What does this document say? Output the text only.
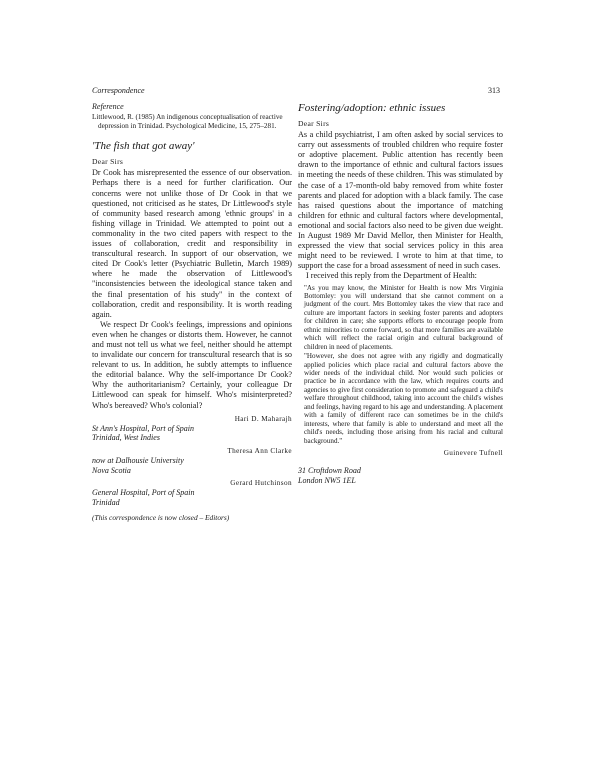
Correspondence	313
Reference
Littlewood, R. (1985) An indigenous conceptualisation of reactive depression in Trinidad. Psychological Medicine, 15, 275–281.
'The fish that got away'
Dear Sirs

Dr Cook has misrepresented the essence of our observation. Perhaps there is a need for further clarification. Our concerns were not unlike those of Dr Cook in that we questioned, not criticised as he states, Dr Littlewood's style of community based research among 'ethnic groups' in a fishing village in Trinidad. We attempted to point out a commonality in the two cited papers with respect to the issues of collaboration, credit and responsibility in transcultural research. In support of our observation, we cited Dr Cook's letter (Psychiatric Bulletin, March 1989) where he made the observation of Littlewood's "inconsistencies between the ideological stance taken and the final presentation of his study" in the context of collaboration, credit and responsibility. It is worth reading again.

We respect Dr Cook's feelings, impressions and opinions even when he changes or distorts them. However, he cannot and must not tell us what we feel, neither should he attempt to invalidate our concern for transcultural research that is so relevant to us. In addition, he subtly attempts to influence the editorial balance. Why the self-importance Dr Cook? Why the authoritarianism? Certainly, your colleague Dr Littlewood can speak for himself. Who's misinterpreted? Who's bereaved? Who's colonial?

Hari D. Maharajh
St Ann's Hospital, Port of Spain
Trinidad, West Indies
Theresa Ann Clarke
now at Dalhousie University
Nova Scotia
Gerard Hutchinson
General Hospital, Port of Spain
Trinidad
(This correspondence is now closed – Editors)
Fostering/adoption: ethnic issues
Dear Sirs

As a child psychiatrist, I am often asked by social services to carry out assessments of troubled children who require foster or adoptive placement. Public attention has recently been drawn to the importance of ethnic and cultural factors issues in meeting the needs of these children. This was stimulated by the case of a 17-month-old baby removed from white foster parents and placed for adoption with a black family. The case has raised questions about the importance of matching children for ethnic and cultural factors where developmental, emotional and social factors also need to be given due weight. In August 1989 Mr David Mellor, then Minister for Health, expressed the view that social services policy in this area might need to be reviewed. I wrote to him at that time, to support the case for a broad assessment of need in such cases.

I received this reply from the Department of Health:

"As you may know, the Minister for Health is now Mrs Virginia Bottomley: you will understand that she cannot comment on a judgment of the court. Mrs Bottomley takes the view that race and culture are important factors in seeking foster parents and adopters for children in care; she supports efforts to encourage people from ethnic minorities to come forward, so that more families are available which will reflect the racial origin and cultural background of children in need of placements.

"However, she does not agree with any rigidly and dogmatically applied policies which place racial and cultural factors above the wider needs of the individual child. Nor would such policies or practice be in accordance with the law, which requires courts and agencies to give first consideration to promote and safeguard a child's welfare throughout childhood, taking into account the child's wishes and feelings, having regard to his age and understanding. A placement with a family of different race can sometimes be in the child's interests, where that family is able to understand and meet all the child's needs, including those arising from his racial and cultural background."

Guinevere Tufnell
31 Croftdown Road
London NW5 1EL
